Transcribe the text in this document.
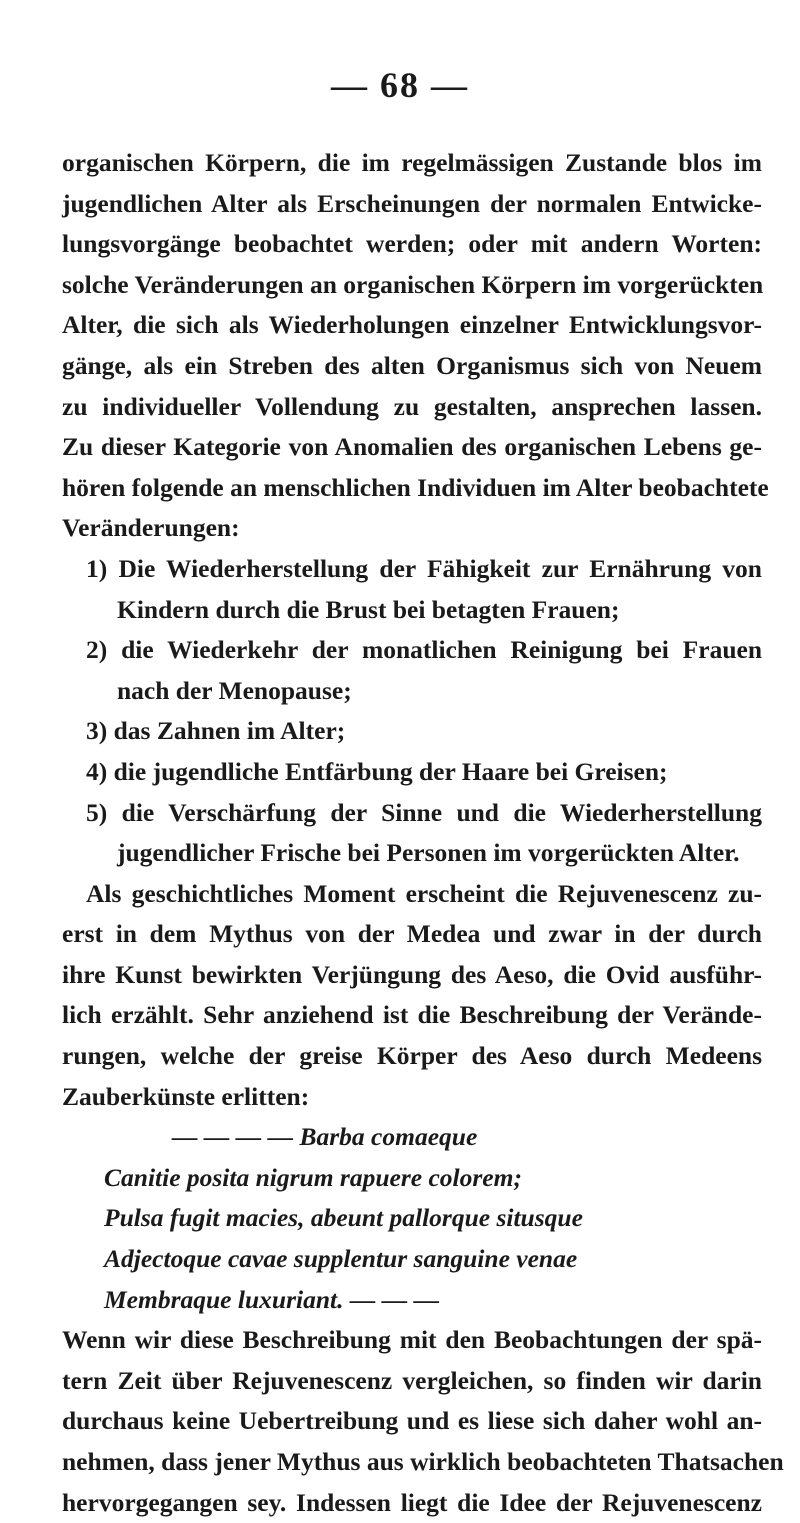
— 68 —
organischen Körpern, die im regelmässigen Zustande blos im
jugendlichen Alter als Erscheinungen der normalen Entwicke-
lungsvorgänge beobachtet werden; oder mit andern Worten:
solche Veränderungen an organischen Körpern im vorgerückten
Alter, die sich als Wiederholungen einzelner Entwicklungsvor-
gänge, als ein Streben des alten Organismus sich von Neuem
zu individueller Vollendung zu gestalten, ansprechen lassen.
Zu dieser Kategorie von Anomalien des organischen Lebens ge-
hören folgende an menschlichen Individuen im Alter beobachtete
Veränderungen:
1) Die Wiederherstellung der Fähigkeit zur Ernährung von
Kindern durch die Brust bei betagten Frauen;
2) die Wiederkehr der monatlichen Reinigung bei Frauen
nach der Menopause;
3) das Zahnen im Alter;
4) die jugendliche Entfärbung der Haare bei Greisen;
5) die Verschärfung der Sinne und die Wiederherstellung
jugendlicher Frische bei Personen im vorgerückten Alter.
Als geschichtliches Moment erscheint die Rejuvenescenz zu-
erst in dem Mythus von der Medea und zwar in der durch
ihre Kunst bewirkten Verjüngung des Aeso, die Ovid ausführ-
lich erzählt. Sehr anziehend ist die Beschreibung der Verände-
rungen, welche der greise Körper des Aeso durch Medeens
Zauberkünste erlitten:
— — — — Barba comaeque
Canitie posita nigrum rapuere colorem;
Pulsa fugit macies, abeunt pallorque situsque
Adjectoque cavae supplentur sanguine venae
Membraque luxuriant. — — —
Wenn wir diese Beschreibung mit den Beobachtungen der spä-
tern Zeit über Rejuvenescenz vergleichen, so finden wir darin
durchaus keine Uebertreibung und es liese sich daher wohl an-
nehmen, dass jener Mythus aus wirklich beobachteten Thatsachen
hervorgegangen sey. Indessen liegt die Idee der Rejuvenescenz
